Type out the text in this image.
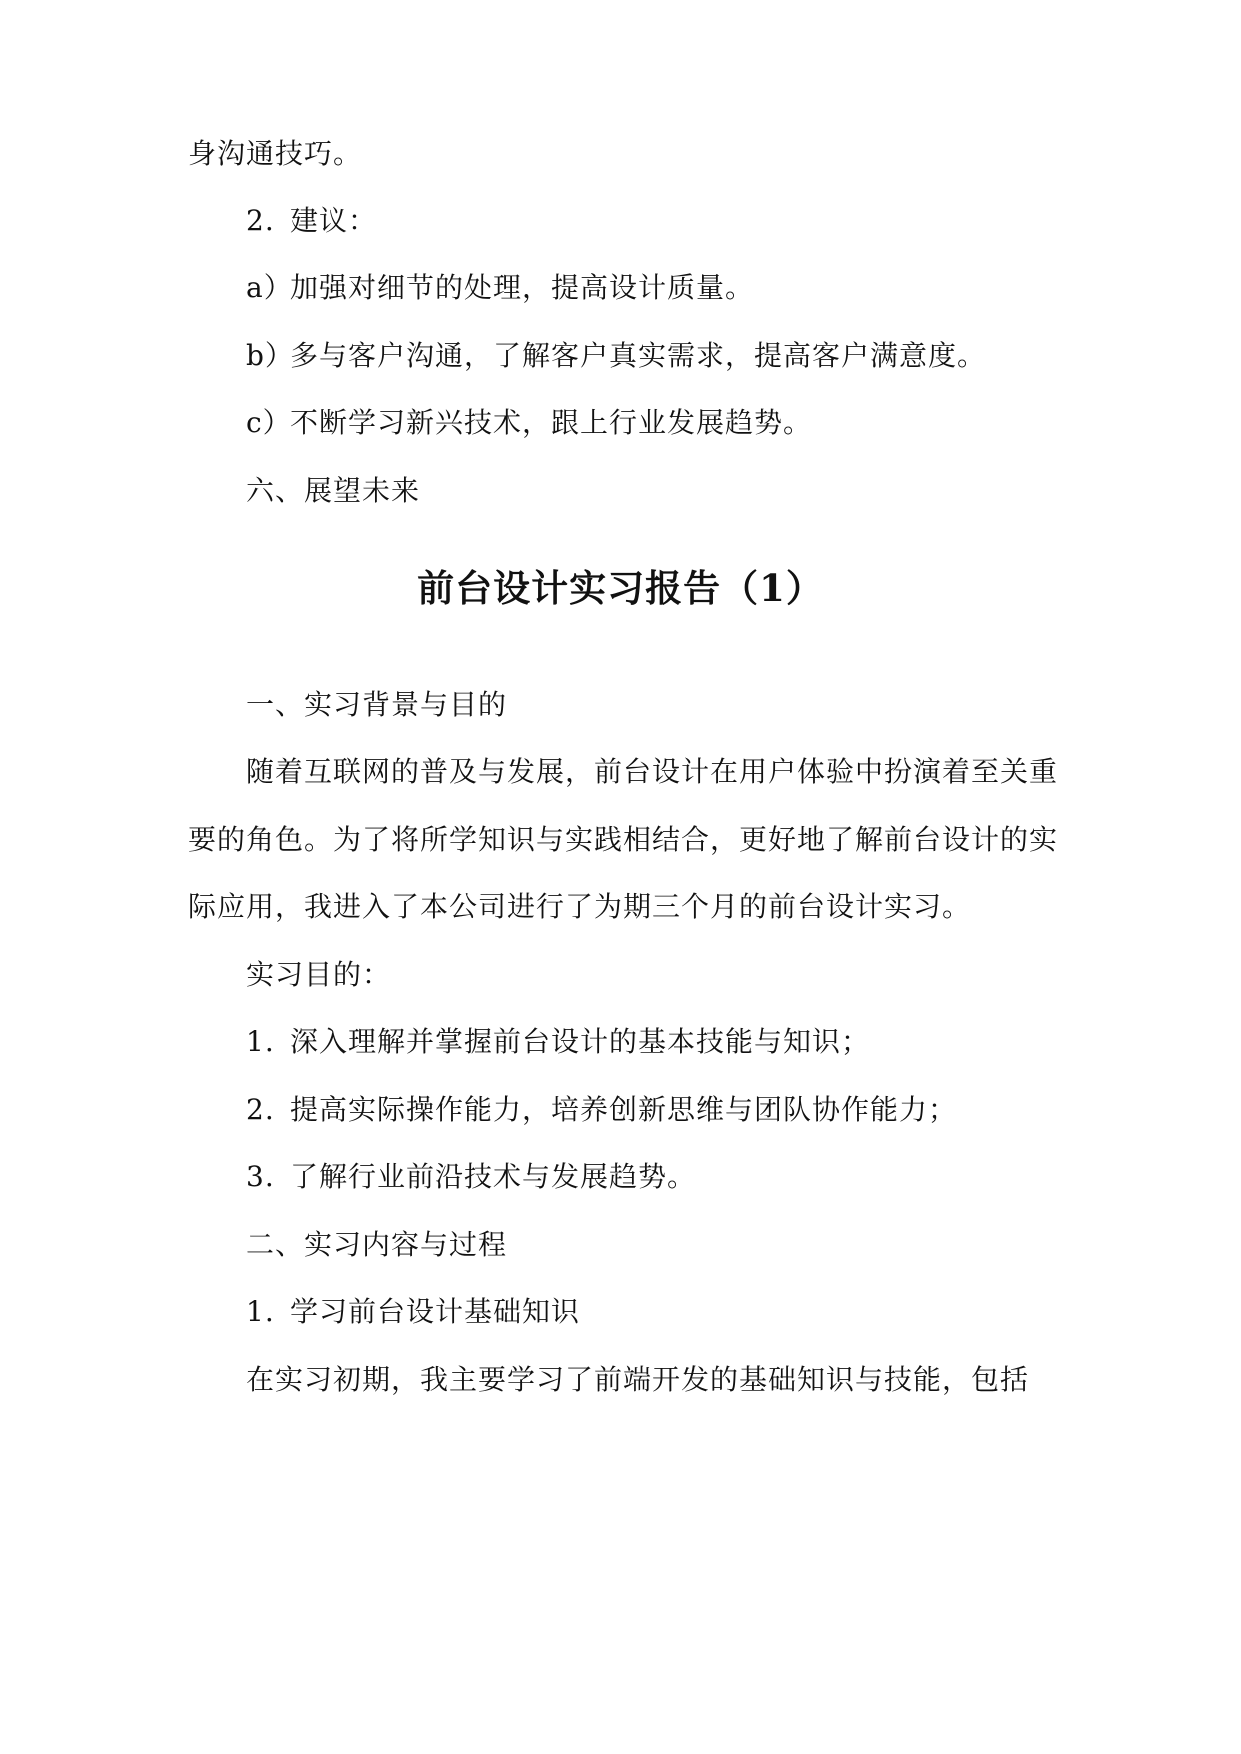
身沟通技巧。
2. 建议：
a）加强对细节的处理，提高设计质量。
b）多与客户沟通，了解客户真实需求，提高客户满意度。
c）不断学习新兴技术，跟上行业发展趋势。
六、展望未来
前台设计实习报告（1）
一、实习背景与目的
随着互联网的普及与发展，前台设计在用户体验中扮演着至关重
要的角色。为了将所学知识与实践相结合，更好地了解前台设计的实
际应用，我进入了本公司进行了为期三个月的前台设计实习。
实习目的：
1. 深入理解并掌握前台设计的基本技能与知识；
2. 提高实际操作能力，培养创新思维与团队协作能力；
3. 了解行业前沿技术与发展趋势。
二、实习内容与过程
1. 学习前台设计基础知识
在实习初期，我主要学习了前端开发的基础知识与技能，包括
